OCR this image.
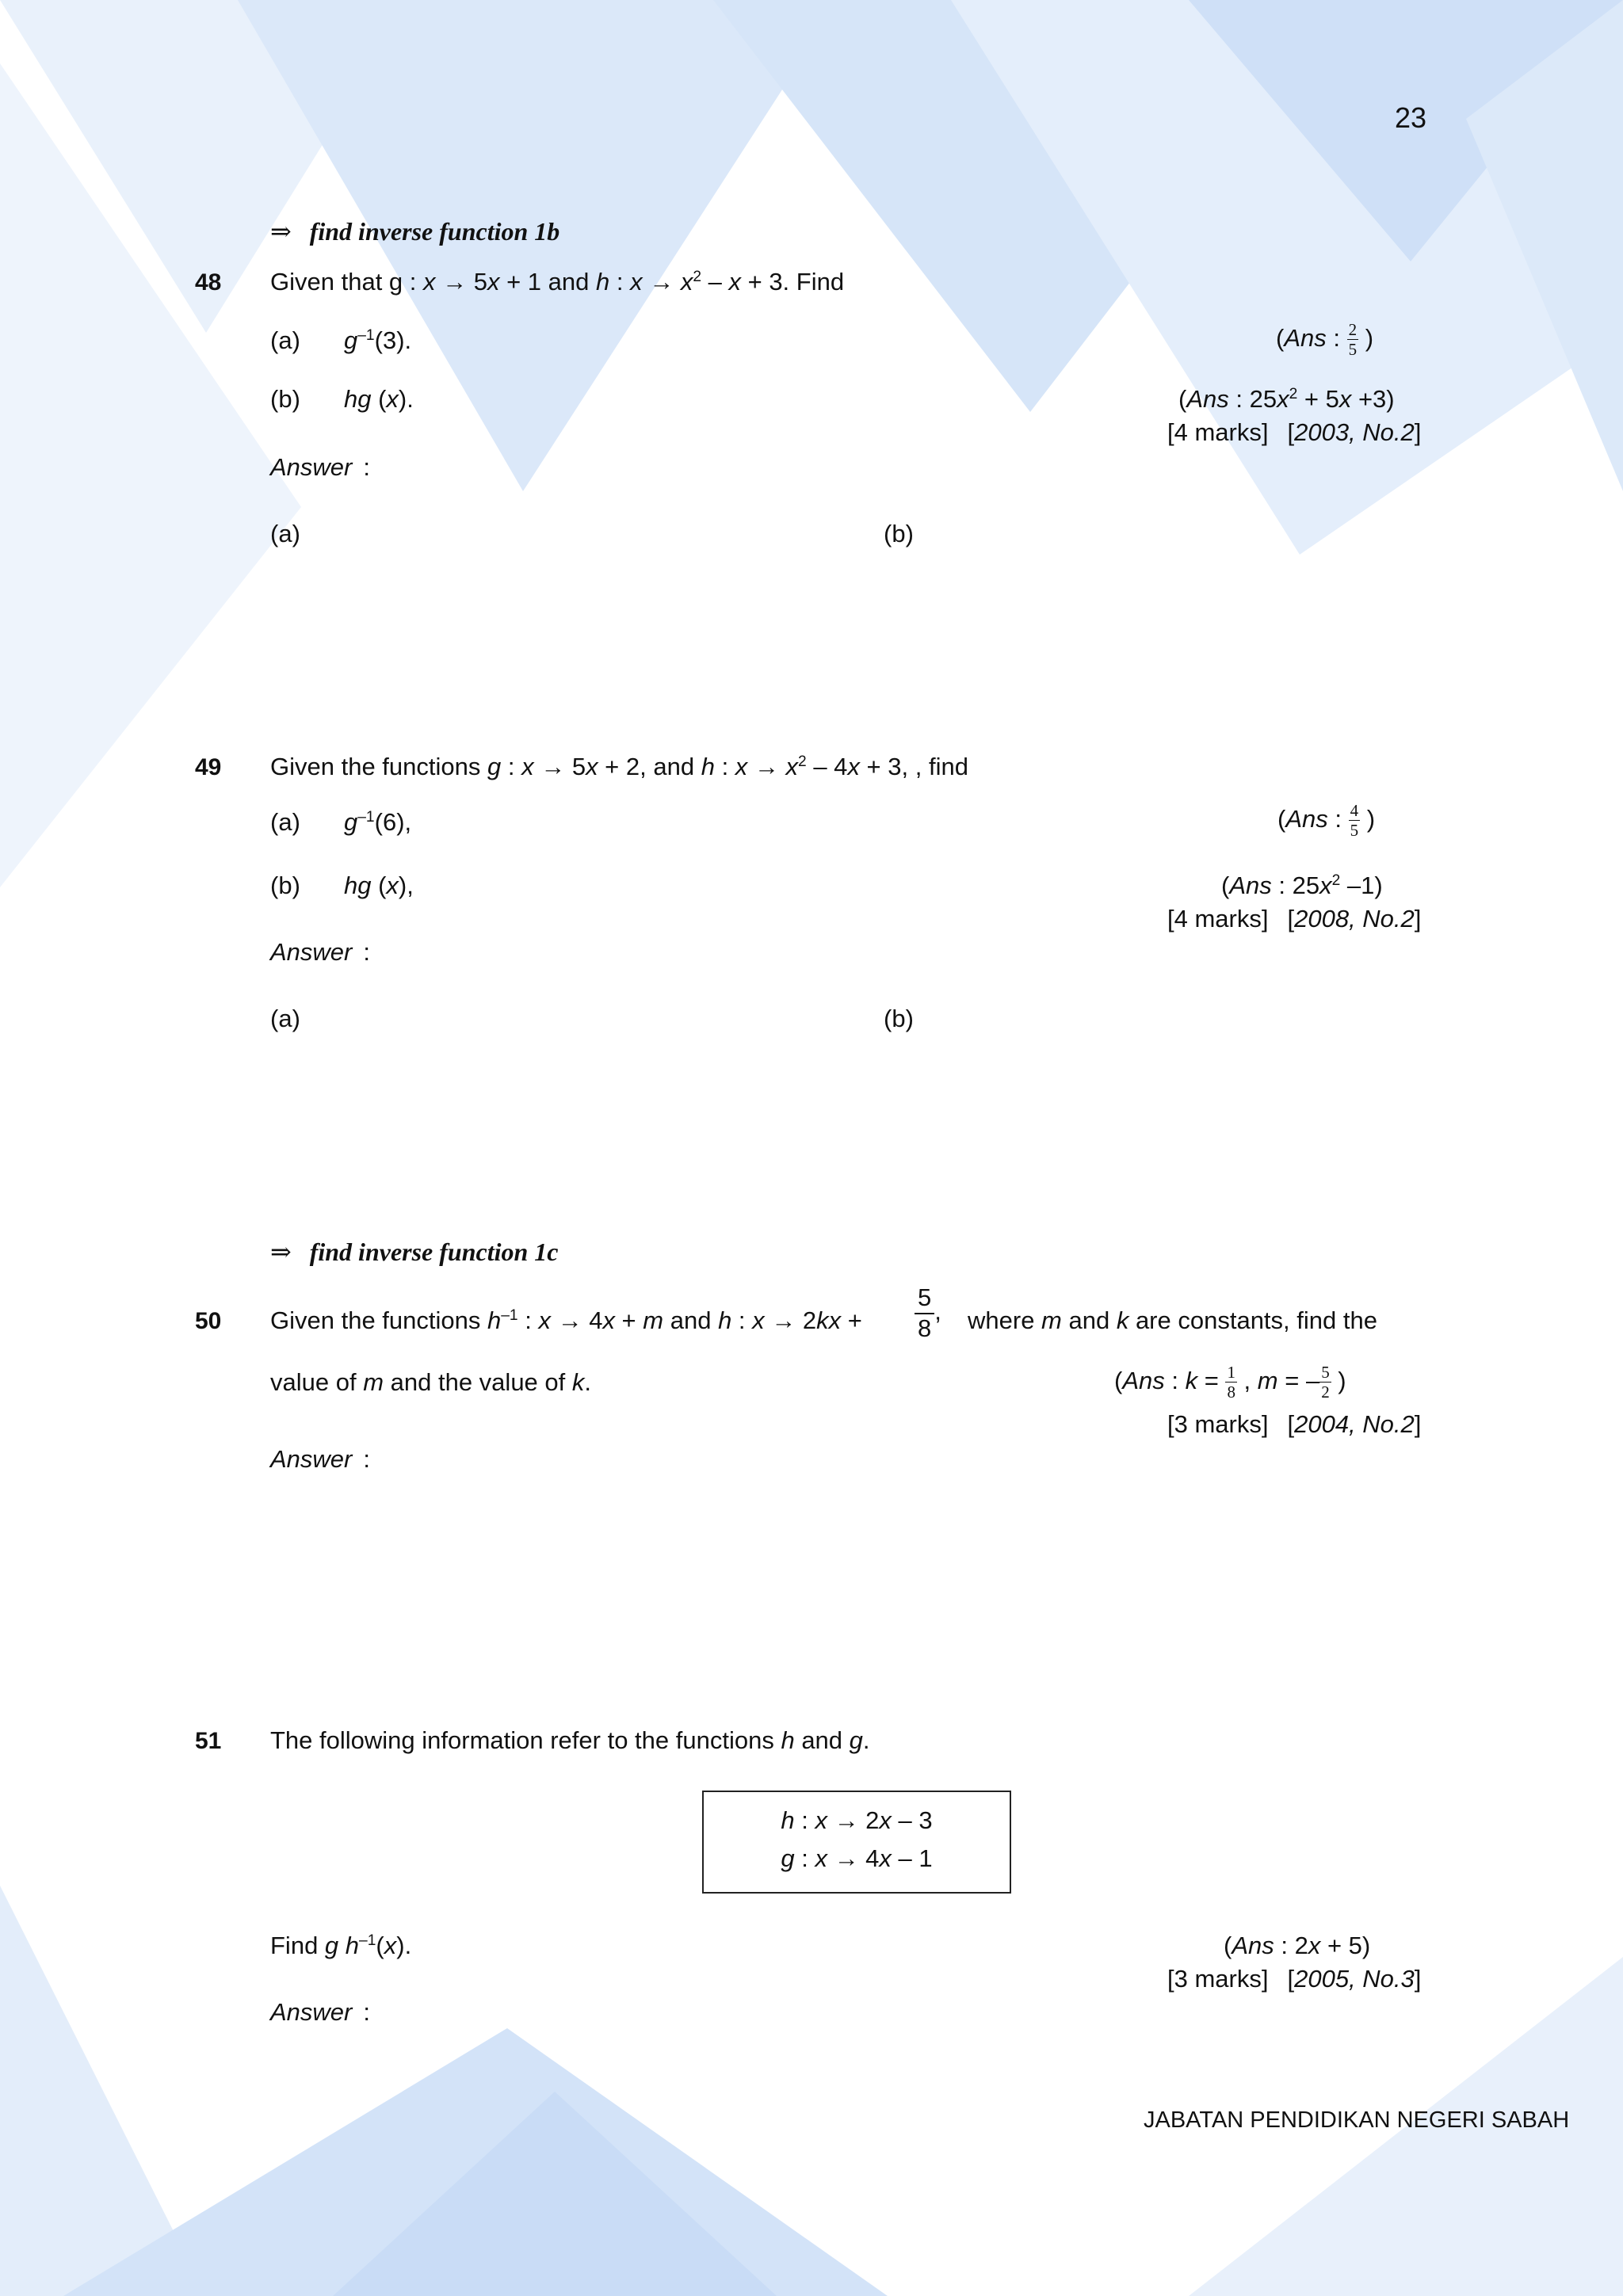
23
⇒ find inverse function 1b
48 Given that g : x → 5x + 1 and h : $x \to x^2 - x + 3$. Find
(a) $g^{-1}(3)$.	(Ans : $\frac{2}{5}$ )
(b) hg (x).	(Ans : $25x^2 + 5x +3$)
[4 marks] [2003, No.2]
Answer :
(a)	(b)
49 Given the functions g : x → 5x + 2, and h : $x \to x^2 - 4x + 3$, , find
(a) $g^{-1}(6)$,	(Ans : $\frac{4}{5}$ )
(b) hg (x),	(Ans : $25x^2$ –1)
[4 marks] [2008, No.2]
Answer :
(a)	(b)
⇒ find inverse function 1c
50 Given the functions $h^{-1}$ : x → 4x + m and h : $x \to 2kx + \frac{5}{8}$ , where m and k are constants, find the
value of m and the value of k.	(Ans : $k = \frac{1}{8}$ , m = – $\frac{5}{2}$ )
[3 marks] [2004, No.2]
Answer :
51 The following information refer to the functions h and g.
h : x → 2x – 3
g : x → 4x – 1
Find g $h^{-1}(x)$.	(Ans : 2x + 5)
[3 marks] [2005, No.3]
Answer :
JABATAN PENDIDIKAN NEGERI SABAH
